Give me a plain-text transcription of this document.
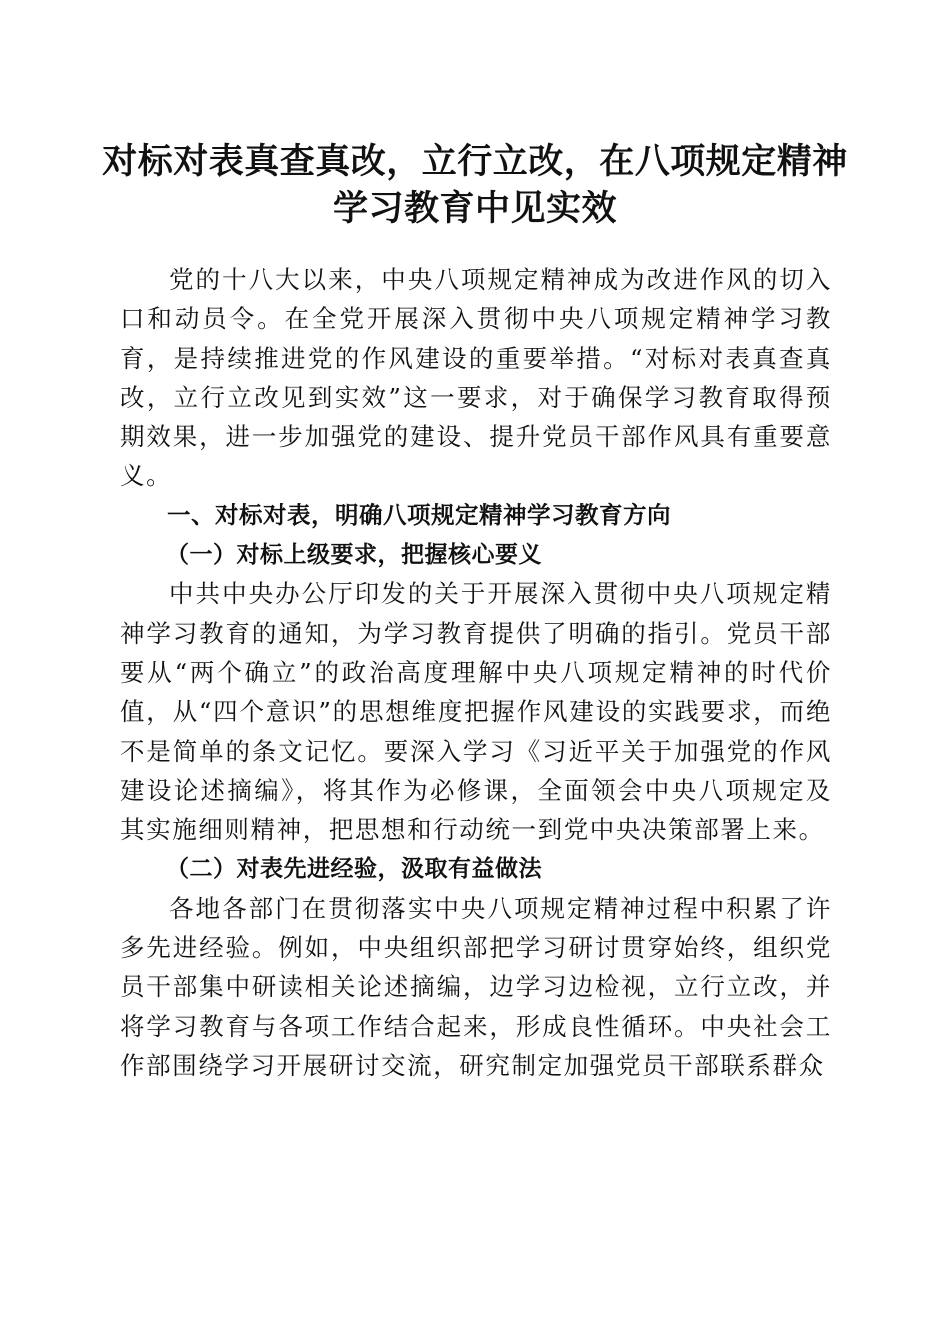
对标对表真查真改，立行立改，在八项规定精神学习教育中见实效

党的十八大以来，中央八项规定精神成为改进作风的切入口和动员令。在全党开展深入贯彻中央八项规定精神学习教育，是持续推进党的作风建设的重要举措。“对标对表真查真改，立行立改见到实效”这一要求，对于确保学习教育取得预期效果，进一步加强党的建设、提升党员干部作风具有重要意义。

一、对标对表，明确八项规定精神学习教育方向

（一）对标上级要求，把握核心要义

中共中央办公厅印发的关于开展深入贯彻中央八项规定精神学习教育的通知，为学习教育提供了明确的指引。党员干部要从“两个确立”的政治高度理解中央八项规定精神的时代价值，从“四个意识”的思想维度把握作风建设的实践要求，而绝不是简单的条文记忆。要深入学习《习近平关于加强党的作风建设论述摘编》，将其作为必修课，全面领会中央八项规定及其实施细则精神，把思想和行动统一到党中央决策部署上来。

（二）对表先进经验，汲取有益做法

各地各部门在贯彻落实中央八项规定精神过程中积累了许多先进经验。例如，中央组织部把学习研讨贯穿始终，组织党员干部集中研读相关论述摘编，边学习边检视，立行立改，并将学习教育与各项工作结合起来，形成良性循环。中央社会工作部围绕学习开展研讨交流，研究制定加强党员干部联系群众
